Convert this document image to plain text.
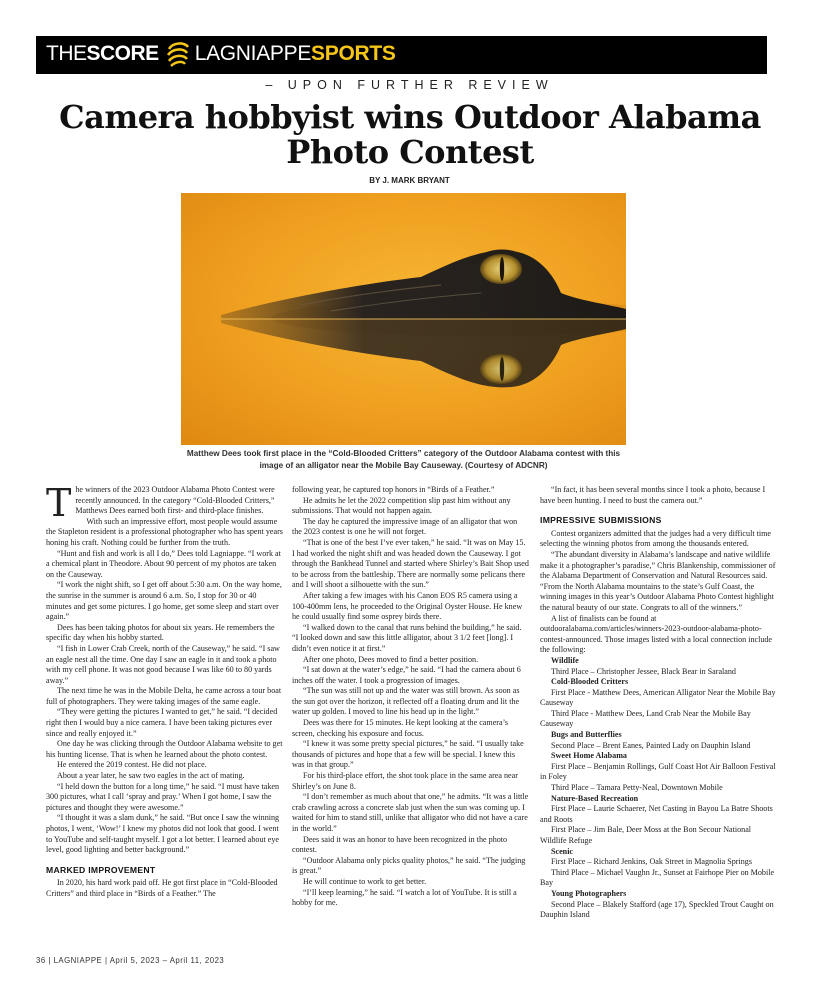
THESCORE LAGNIAPPESPORTS
– UPON FURTHER REVIEW
Camera hobbyist wins Outdoor Alabama Photo Contest
BY J. MARK BRYANT
Matthew Dees took first place in the “Cold-Blooded Critters” category of the Outdoor Alabama contest with this image of an alligator near the Mobile Bay Causeway. (Courtesy of ADCNR)
T he winners of the 2023 Outdoor Alabama Photo Contest were recently announced. In the category “Cold-Blooded Critters,” Matthews Dees earned both first- and third-place finishes.

With such an impressive effort, most people would assume the Stapleton resident is a professional photographer who has spent years honing his craft. Nothing could be further from the truth.

“Hunt and fish and work is all I do,” Dees told Lagniappe. “I work at a chemical plant in Theodore. About 90 percent of my photos are taken on the Causeway.

“I work the night shift, so I get off about 5:30 a.m. On the way home, the sunrise in the summer is around 6 a.m. So, I stop for 30 or 40 minutes and get some pictures. I go home, get some sleep and start over again.”

Dees has been taking photos for about six years. He remembers the specific day when his hobby started.

“I fish in Lower Crab Creek, north of the Causeway,” he said. “I saw an eagle nest all the time. One day I saw an eagle in it and took a photo with my cell phone. It was not good because I was like 60 to 80 yards away.”

The next time he was in the Mobile Delta, he came across a tour boat full of photographers. They were taking images of the same eagle.

“They were getting the pictures I wanted to get,” he said. “I decided right then I would buy a nice camera. I have been taking pictures ever since and really enjoyed it.”

One day he was clicking through the Outdoor Alabama website to get his hunting license. That is when he learned about the photo contest.

He entered the 2019 contest. He did not place.

About a year later, he saw two eagles in the act of mating.

“I held down the button for a long time,” he said. “I must have taken 300 pictures, what I call ‘spray and pray.’ When I got home, I saw the pictures and thought they were awesome.”

“I thought it was a slam dunk,” he said. “But once I saw the winning photos, I went, ‘Wow!’ I knew my photos did not look that good. I went to YouTube and self-taught myself. I got a lot better. I learned about eye level, good lighting and better background.”

MARKED IMPROVEMENT

In 2020, his hard work paid off. He got first place in “Cold-Blooded Critters” and third place in “Birds of a Feather.” The

following year, he captured top honors in “Birds of a Feather.”

He admits he let the 2022 competition slip past him without any submissions. That would not happen again.

The day he captured the impressive image of an alligator that won the 2023 contest is one he will not forget.

“That is one of the best I’ve ever taken,” he said. “It was on May 15. I had worked the night shift and was headed down the Causeway. I got through the Bankhead Tunnel and started where Shirley’s Bait Shop used to be across from the battleship. There are normally some pelicans there and I will shoot a silhouette with the sun.”

After taking a few images with his Canon EOS R5 camera using a 100-400mm lens, he proceeded to the Original Oyster House. He knew he could usually find some osprey birds there.

“I walked down to the canal that runs behind the building,” he said. “I looked down and saw this little alligator, about 3 1/2 feet [long]. I didn’t even notice it at first.”

After one photo, Dees moved to find a better position.

“I sat down at the water’s edge,” he said. “I had the camera about 6 inches off the water. I took a progression of images.

“The sun was still not up and the water was still brown. As soon as the sun got over the horizon, it reflected off a floating drum and lit the water up golden. I moved to line his head up in the light.”

Dees was there for 15 minutes. He kept looking at the camera’s screen, checking his exposure and focus.

“I knew it was some pretty special pictures,” he said. “I usually take thousands of pictures and hope that a few will be special. I knew this was in that group.”

For his third-place effort, the shot took place in the same area near Shirley’s on June 8.

“I don’t remember as much about that one,” he admits. “It was a little crab crawling across a concrete slab just when the sun was coming up. I waited for him to stand still, unlike that alligator who did not have a care in the world.”

Dees said it was an honor to have been recognized in the photo contest.

“Outdoor Alabama only picks quality photos,” he said. “The judging is great.”

He will continue to work to get better.

“I’ll keep learning,” he said. “I watch a lot of YouTube. It is still a hobby for me.

“In fact, it has been several months since I took a photo, because I have been hunting. I need to bust the camera out.”

IMPRESSIVE SUBMISSIONS

Contest organizers admitted that the judges had a very difficult time selecting the winning photos from among the thousands entered.

“The abundant diversity in Alabama’s landscape and native wildlife make it a photographer’s paradise,” Chris Blankenship, commissioner of the Alabama Department of Conservation and Natural Resources said. “From the North Alabama mountains to the state’s Gulf Coast, the winning images in this year’s Outdoor Alabama Photo Contest highlight the natural beauty of our state. Congrats to all of the winners.”

A list of finalists can be found at outdooralabama.com/articles/winners-2023-outdoor-alabama-photo-contest-announced. Those images listed with a local connection include the following:

Wildlife

Third Place – Christopher Jessee, Black Bear in Saraland

Cold-Blooded Critters

First Place - Matthew Dees, American Alligator Near the Mobile Bay Causeway

Third Place - Matthew Dees, Land Crab Near the Mobile Bay Causeway

Bugs and Butterflies

Second Place – Brent Eanes, Painted Lady on Dauphin Island

Sweet Home Alabama

First Place – Benjamin Rollings, Gulf Coast Hot Air Balloon Festival in Foley

Third Place – Tamara Petty-Neal, Downtown Mobile

Nature-Based Recreation

First Place – Laurie Schaerer, Net Casting in Bayou La Batre Shoots and Roots

First Place – Jim Bale, Deer Moss at the Bon Secour National Wildlife Refuge

Scenic

First Place – Richard Jenkins, Oak Street in Magnolia Springs

Third Place – Michael Vaughn Jr., Sunset at Fairhope Pier on Mobile Bay

Young Photographers

Second Place – Blakely Stafford (age 17), Speckled Trout Caught on Dauphin Island

36 | LAGNIAPPE | April 5, 2023 – April 11, 2023
